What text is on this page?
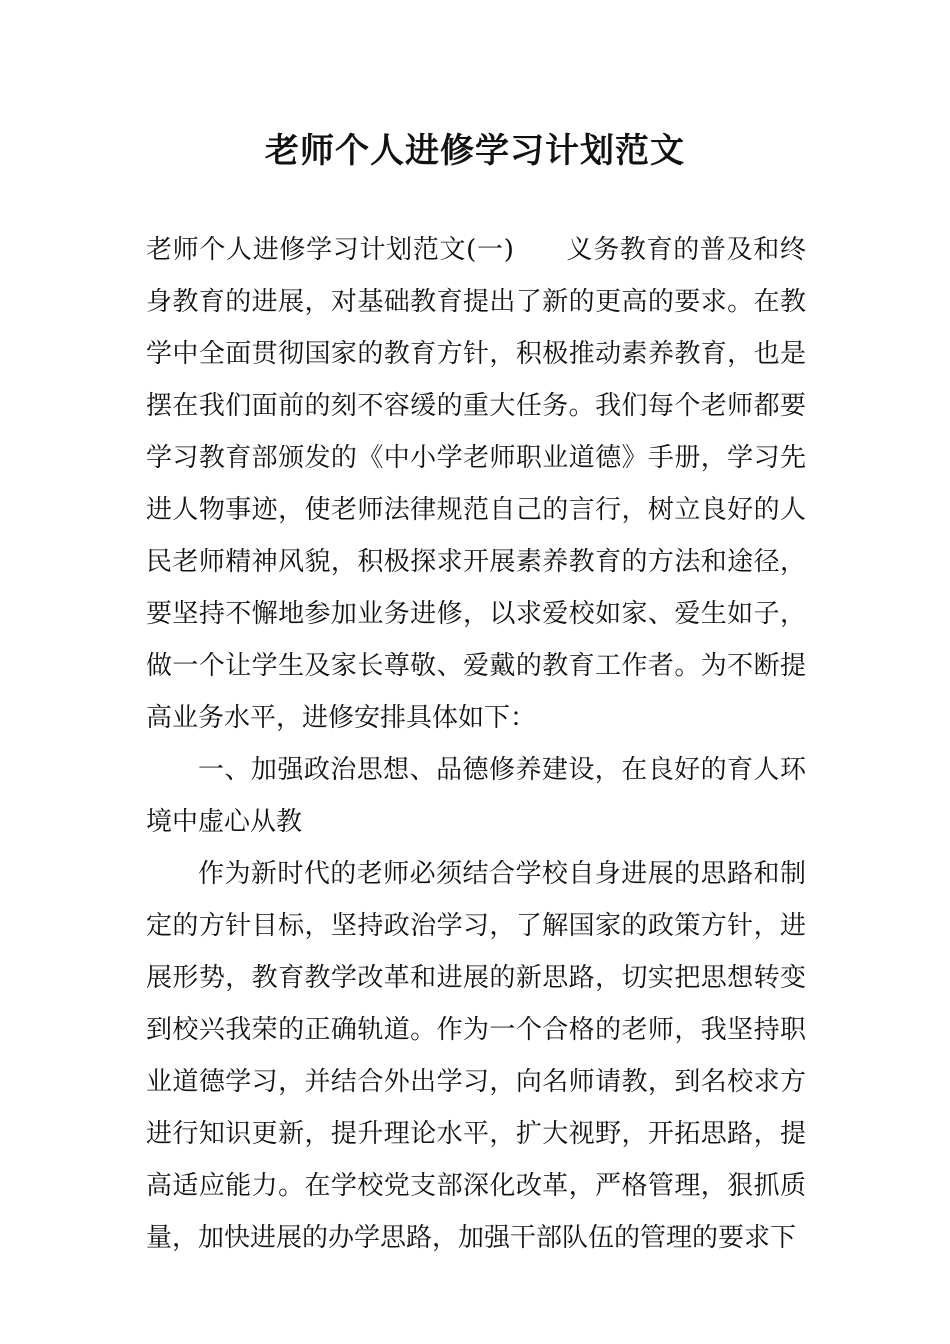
老师个人进修学习计划范文

老师个人进修学习计划范文(一) 义务教育的普及和终身教育的进展，对基础教育提出了新的更高的要求。在教学中全面贯彻国家的教育方针，积极推动素养教育，也是摆在我们面前的刻不容缓的重大任务。我们每个老师都要学习教育部颁发的《中小学老师职业道德》手册，学习先进人物事迹，使老师法律规范自己的言行，树立良好的人民老师精神风貌，积极探求开展素养教育的方法和途径，要坚持不懈地参加业务进修，以求爱校如家、爱生如子，做一个让学生及家长尊敬、爱戴的教育工作者。为不断提高业务水平，进修安排具体如下：

一、加强政治思想、品德修养建设，在良好的育人环境中虚心从教

作为新时代的老师必须结合学校自身进展的思路和制定的方针目标，坚持政治学习，了解国家的政策方针，进展形势，教育教学改革和进展的新思路，切实把思想转变到校兴我荣的正确轨道。作为一个合格的老师，我坚持职业道德学习，并结合外出学习，向名师请教，到名校求方进行知识更新，提升理论水平，扩大视野，开拓思路，提高适应能力。在学校党支部深化改革，严格管理，狠抓质量，加快进展的办学思路，加强干部队伍的管理的要求下
